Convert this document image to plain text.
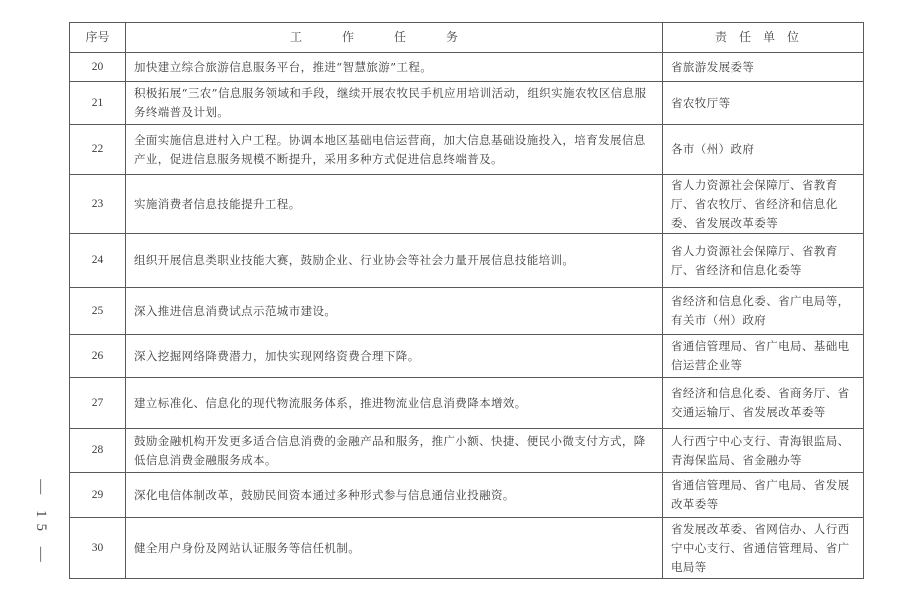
— 15 —
序号	工作任务	责任单位
20	加快建立综合旅游信息服务平台，推进“智慧旅游”工程。	省旅游发展委等
21	积极拓展“三农”信息服务领域和手段，继续开展农牧民手机应用培训活动，组织实施农牧区信息服务终端普及计划。	省农牧厅等
22	全面实施信息进村入户工程。协调本地区基础电信运营商，加大信息基础设施投入，培育发展信息产业，促进信息服务规模不断提升，采用多种方式促进信息终端普及。	各市（州）政府
23	实施消费者信息技能提升工程。	省人力资源社会保障厅、省教育厅、省农牧厅、省经济和信息化委、省发展改革委等
24	组织开展信息类职业技能大赛，鼓励企业、行业协会等社会力量开展信息技能培训。	省人力资源社会保障厅、省教育厅、省经济和信息化委等
25	深入推进信息消费试点示范城市建设。	省经济和信息化委、省广电局等，有关市（州）政府
26	深入挖掘网络降费潜力，加快实现网络资费合理下降。	省通信管理局、省广电局、基础电信运营企业等
27	建立标准化、信息化的现代物流服务体系，推进物流业信息消费降本增效。	省经济和信息化委、省商务厅、省交通运输厅、省发展改革委等
28	鼓励金融机构开发更多适合信息消费的金融产品和服务，推广小额、快捷、便民小微支付方式，降低信息消费金融服务成本。	人行西宁中心支行、青海银监局、青海保监局、省金融办等
29	深化电信体制改革，鼓励民间资本通过多种形式参与信息通信业投融资。	省通信管理局、省广电局、省发展改革委等
30	健全用户身份及网站认证服务等信任机制。	省发展改革委、省网信办、人行西宁中心支行、省通信管理局、省广电局等
